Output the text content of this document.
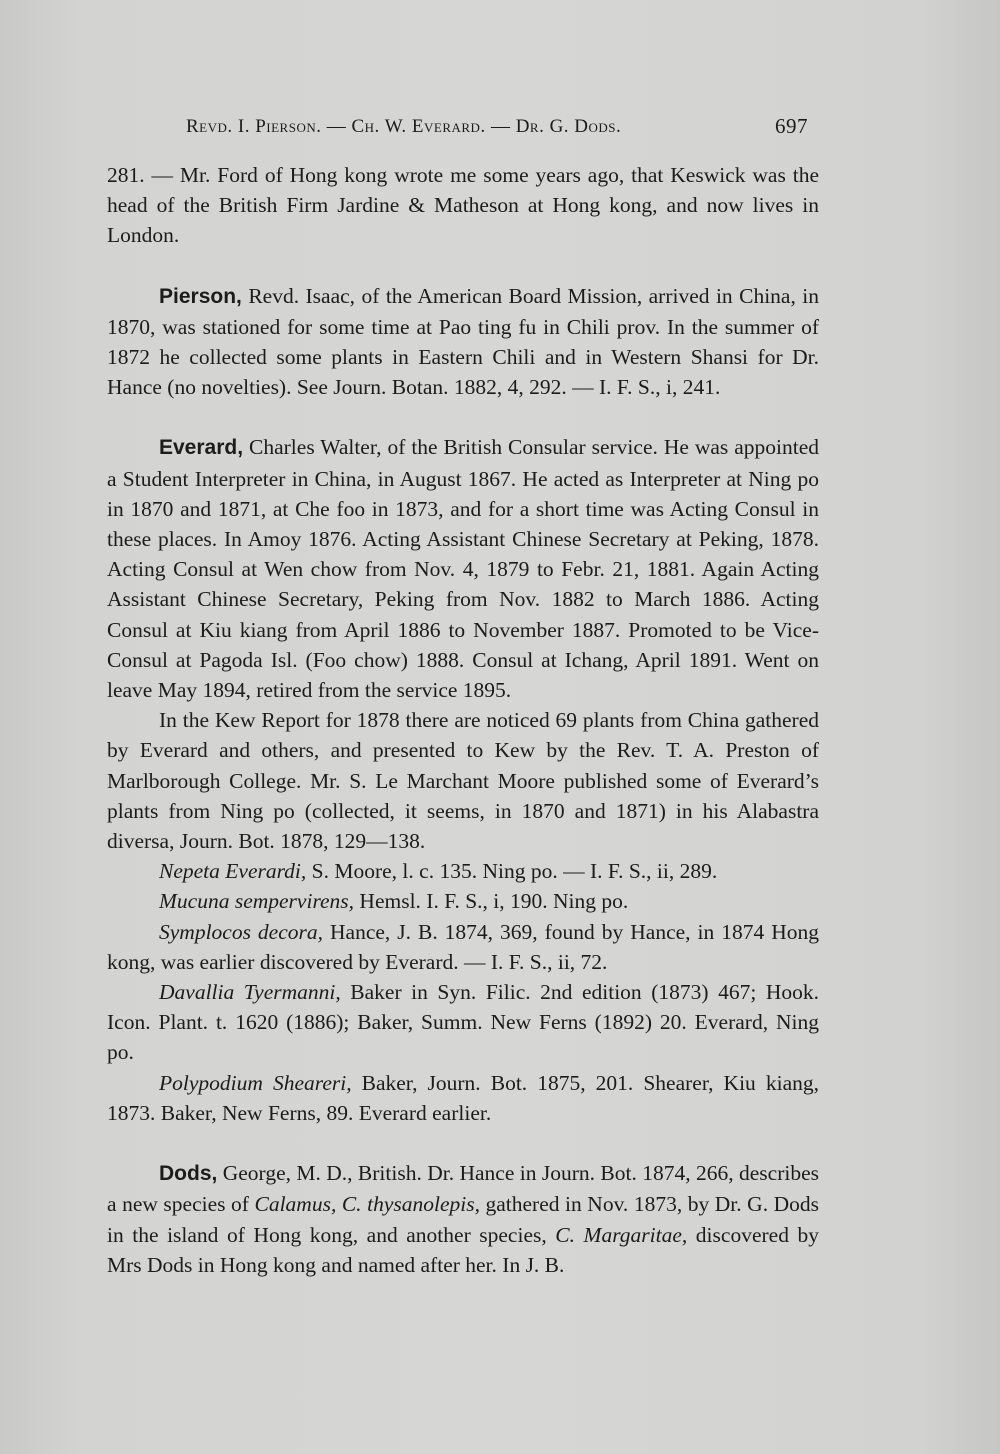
Revd. I. Pierson. — Ch. W. Everard. — Dr. G. Dods.	697

281. — Mr. Ford of Hong kong wrote me some years ago, that Keswick was the head of the British Firm Jardine & Matheson at Hong kong, and now lives in London.

Pierson, Revd. Isaac, of the American Board Mission, arrived in China, in 1870, was stationed for some time at Pao ting fu in Chili prov. In the summer of 1872 he collected some plants in Eastern Chili and in Western Shansi for Dr. Hance (no novelties). See Journ. Botan. 1882, 4, 292. — I. F. S., i, 241.

Everard, Charles Walter, of the British Consular service. He was appointed a Student Interpreter in China, in August 1867. He acted as Interpreter at Ning po in 1870 and 1871, at Che foo in 1873, and for a short time was Acting Consul in these places. In Amoy 1876. Acting Assistant Chinese Secretary at Peking, 1878. Acting Consul at Wen chow from Nov. 4, 1879 to Febr. 21, 1881. Again Acting Assistant Chinese Secretary, Peking from Nov. 1882 to March 1886. Acting Consul at Kiu kiang from April 1886 to November 1887. Promoted to be Vice-Consul at Pagoda Isl. (Foo chow) 1888. Consul at Ichang, April 1891. Went on leave May 1894, retired from the service 1895.

In the Kew Report for 1878 there are noticed 69 plants from China gathered by Everard and others, and presented to Kew by the Rev. T. A. Preston of Marlborough College. Mr. S. Le Marchant Moore published some of Everard’s plants from Ning po (collected, it seems, in 1870 and 1871) in his Alabastra diversa, Journ. Bot. 1878, 129—138.

Nepeta Everardi, S. Moore, l. c. 135. Ning po. — I. F. S., ii, 289.

Mucuna sempervirens, Hemsl. I. F. S., i, 190. Ning po.

Symplocos decora, Hance, J. B. 1874, 369, found by Hance, in 1874 Hong kong, was earlier discovered by Everard. — I. F. S., ii, 72.

Davallia Tyermanni, Baker in Syn. Filic. 2nd edition (1873) 467; Hook. Icon. Plant. t. 1620 (1886); Baker, Summ. New Ferns (1892) 20. Everard, Ning po.

Polypodium Sheareri, Baker, Journ. Bot. 1875, 201. Shearer, Kiu kiang, 1873. Baker, New Ferns, 89. Everard earlier.

Dods, George, M. D., British. Dr. Hance in Journ. Bot. 1874, 266, describes a new species of Calamus, C. thysanolepis, gathered in Nov. 1873, by Dr. G. Dods in the island of Hong kong, and another species, C. Margaritae, discovered by Mrs Dods in Hong kong and named after her. In J. B.
